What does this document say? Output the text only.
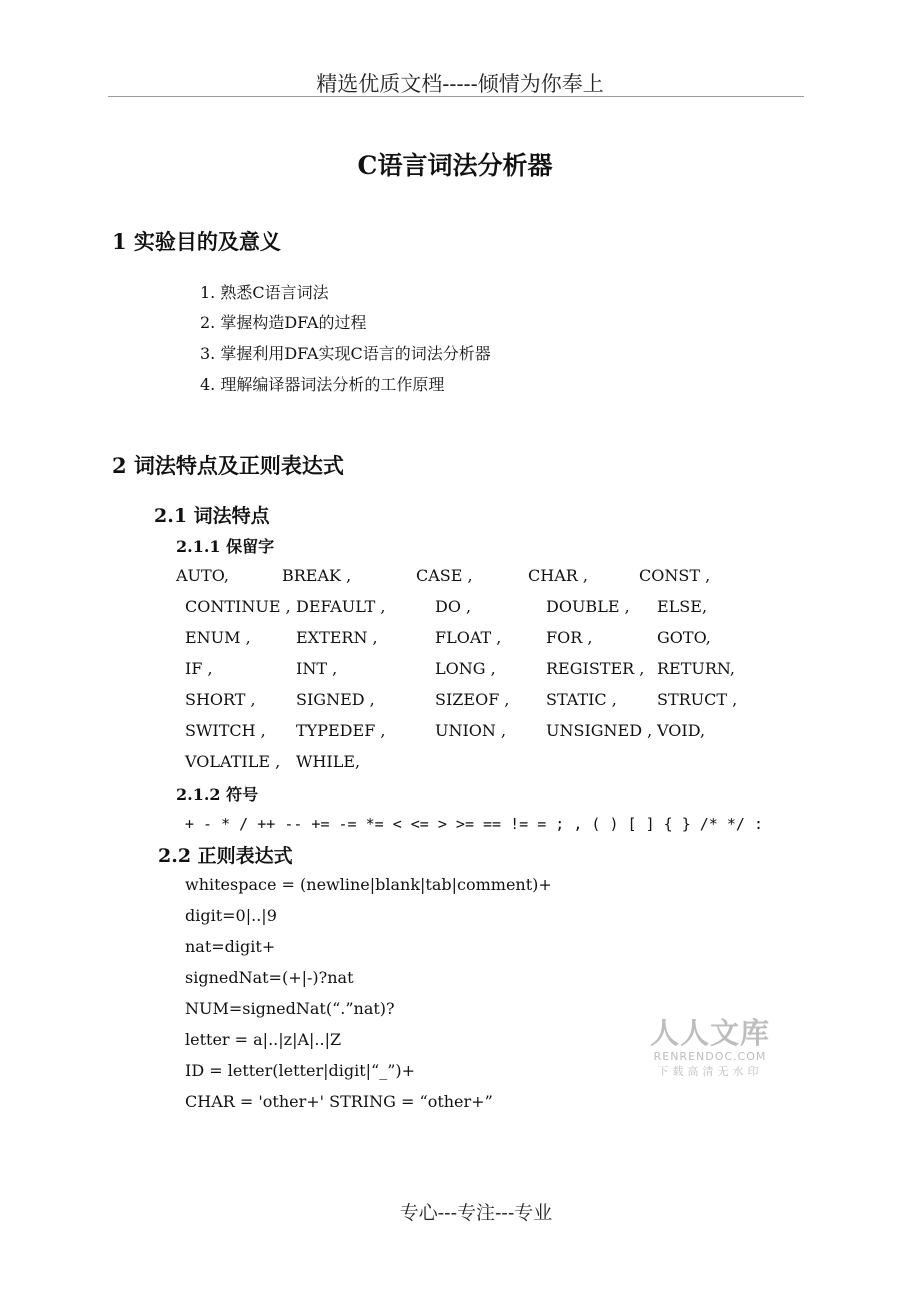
精选优质文档-----倾情为你奉上
C语言词法分析器
1 实验目的及意义
1. 熟悉C语言词法
2. 掌握构造DFA的过程
3. 掌握利用DFA实现C语言的词法分析器
4. 理解编译器词法分析的工作原理
2 词法特点及正则表达式
2.1 词法特点
2.1.1 保留字
AUTO,	BREAK ,	CASE ,	CHAR ,	CONST ,
CONTINUE , DEFAULT ,	DO ,	DOUBLE , ELSE,
ENUM ,	EXTERN ,	FLOAT ,	FOR ,	GOTO,
IF ,	INT ,	LONG ,	REGISTER , RETURN,
SHORT ,	SIGNED ,	SIZEOF , STATIC ,	STRUCT ,
SWITCH , TYPEDEF ,	UNION , UNSIGNED , VOID,
VOLATILE , WHILE,
2.1.2 符号
+ - * / ++ -- += -= *= < <= > >= == != = ; , ( ) [ ] { } /* */ :
2.2 正则表达式
whitespace = (newline|blank|tab|comment)+
digit=0|..|9
nat=digit+
signedNat=(+|-)?nat
NUM=signedNat(“.”nat)?
letter = a|..|z|A|..|Z
ID = letter(letter|digit|“_”)+
CHAR = 'other+' STRING = “other+”
人人文库
RENRENDOC.COM
下载高清无水印
专心---专注---专业
